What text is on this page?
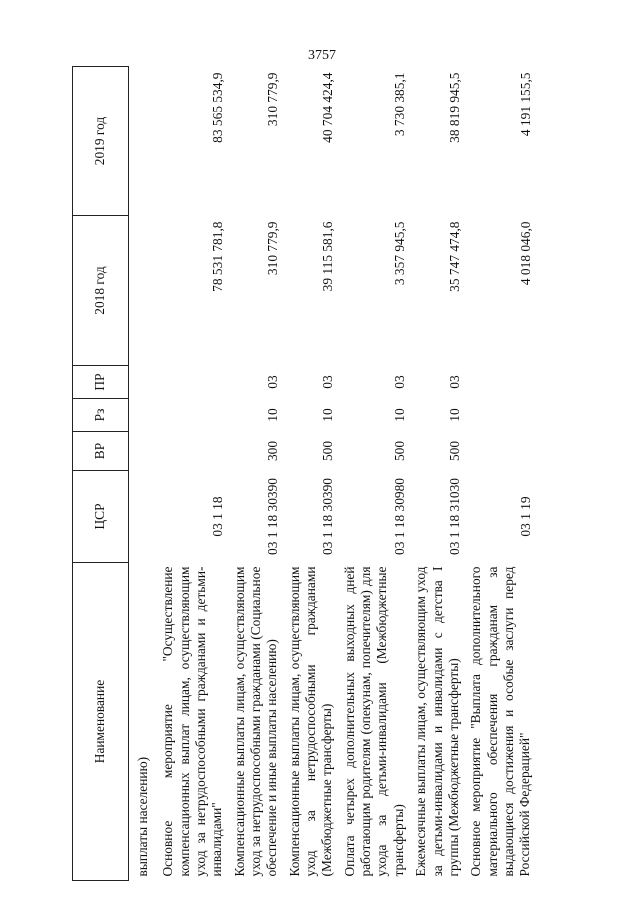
3757
Наименование	ЦСР	ВР	Рз	ПР	2018 год	2019 год
выплаты населению)						
Основное мероприятие "Осуществление компенсационных выплат лицам, осуществляющим уход за нетрудоспособными гражданами и детьми-инвалидами"	03 1 18				78 531 781,8	83 565 534,9
Компенсационные выплаты лицам, осуществляющим уход за нетрудоспособными гражданами (Социальное обеспечение и иные выплаты населению)	03 1 18 30390	300	10	03	310 779,9	310 779,9
Компенсационные выплаты лицам, осуществляющим уход за нетрудоспособными гражданами (Межбюджетные трансферты)	03 1 18 30390	500	10	03	39 115 581,6	40 704 424,4
Оплата четырех дополнительных выходных дней работающим родителям (опекунам, попечителям) для ухода за детьми-инвалидами (Межбюджетные трансферты)	03 1 18 30980	500	10	03	3 357 945,5	3 730 385,1
Ежемесячные выплаты лицам, осуществляющим уход за детьми-инвалидами и инвалидами с детства I группы (Межбюджетные трансферты)	03 1 18 31030	500	10	03	35 747 474,8	38 819 945,5
Основное мероприятие "Выплата дополнительного материального обеспечения гражданам за выдающиеся достижения и особые заслуги перед Российской Федерацией"	03 1 19				4 018 046,0	4 191 155,5
